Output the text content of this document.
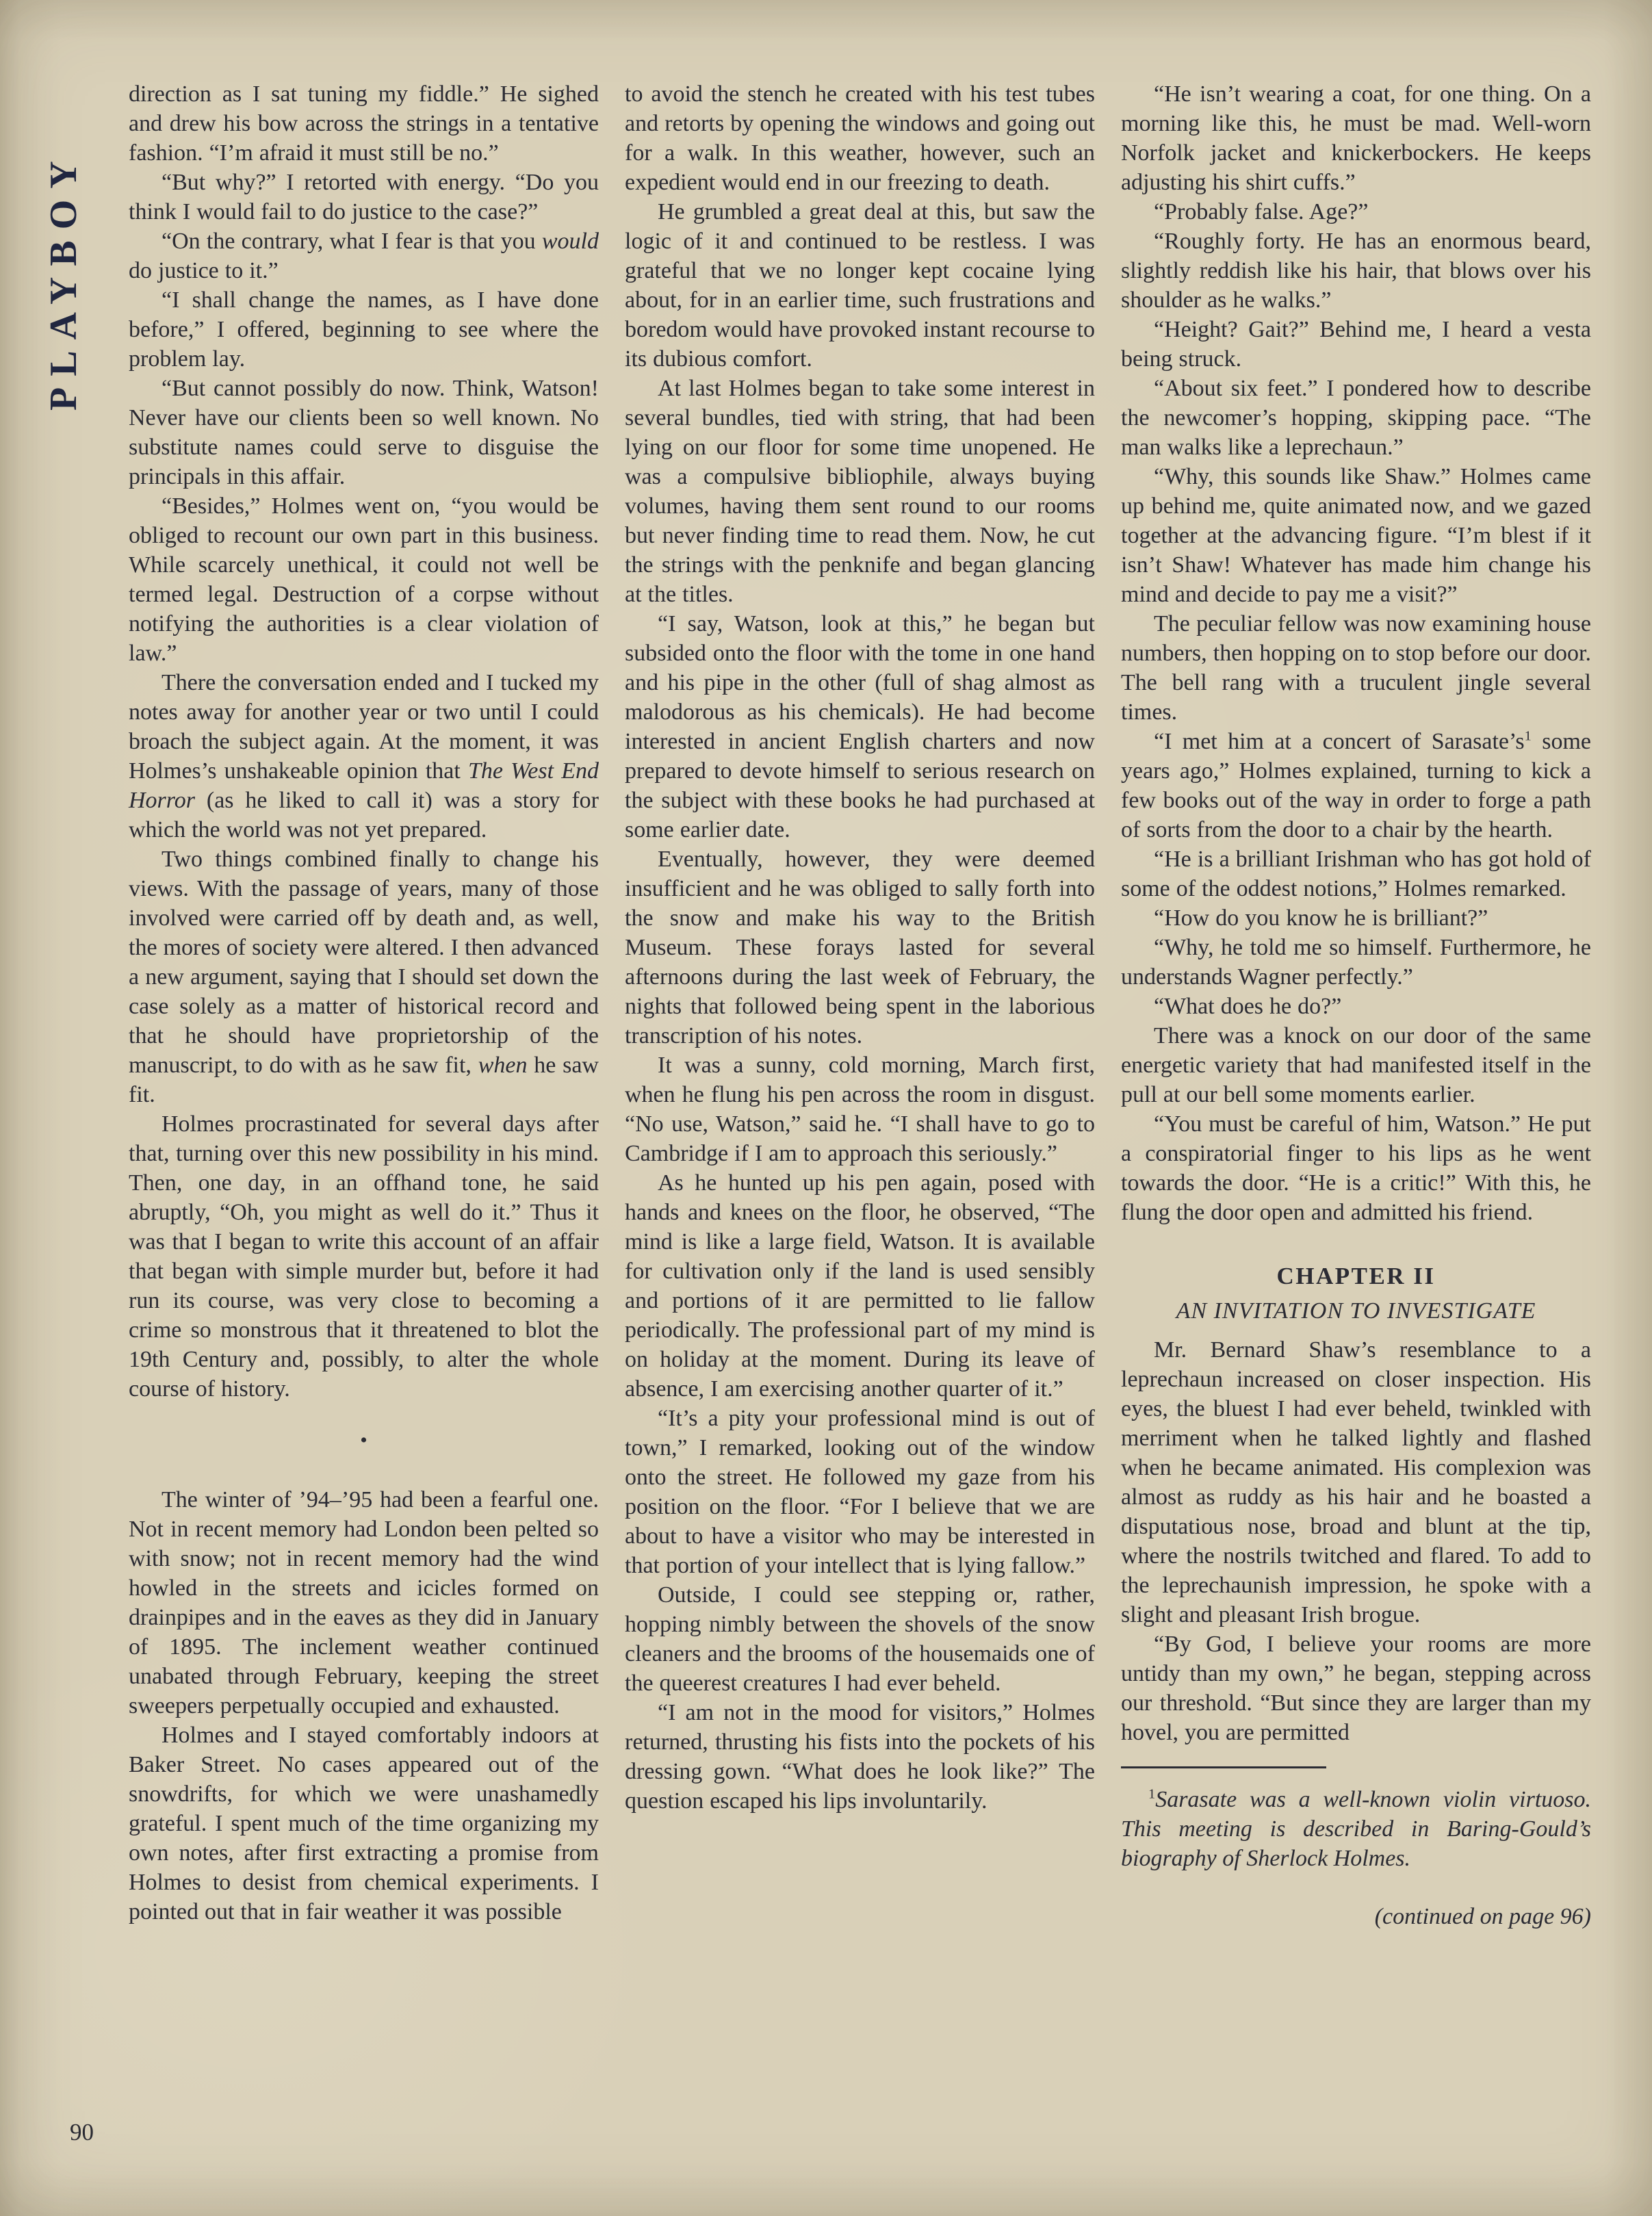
PLAYBOY
90

direction as I sat tuning my fiddle.” He sighed and drew his bow across the strings in a tentative fashion. “I’m afraid it must still be no.”

“But why?” I retorted with energy. “Do you think I would fail to do justice to the case?”

“On the contrary, what I fear is that you would do justice to it.”

“I shall change the names, as I have done before,” I offered, beginning to see where the problem lay.

“But cannot possibly do now. Think, Watson! Never have our clients been so well known. No substitute names could serve to disguise the principals in this affair.

“Besides,” Holmes went on, “you would be obliged to recount our own part in this business. While scarcely unethical, it could not well be termed legal. Destruction of a corpse without notifying the authorities is a clear violation of law.”

There the conversation ended and I tucked my notes away for another year or two until I could broach the subject again. At the moment, it was Holmes’s unshakeable opinion that The West End Horror (as he liked to call it) was a story for which the world was not yet prepared.

Two things combined finally to change his views. With the passage of years, many of those involved were carried off by death and, as well, the mores of society were altered. I then advanced a new argument, saying that I should set down the case solely as a matter of historical record and that he should have proprietorship of the manuscript, to do with as he saw fit, when he saw fit.

Holmes procrastinated for several days after that, turning over this new possibility in his mind. Then, one day, in an offhand tone, he said abruptly, “Oh, you might as well do it.” Thus it was that I began to write this account of an affair that began with simple murder but, before it had run its course, was very close to becoming a crime so monstrous that it threatened to blot the 19th Century and, possibly, to alter the whole course of history.

•

The winter of ’94–’95 had been a fearful one. Not in recent memory had London been pelted so with snow; not in recent memory had the wind howled in the streets and icicles formed on drainpipes and in the eaves as they did in January of 1895. The inclement weather continued unabated through February, keeping the street sweepers perpetually occupied and exhausted.

Holmes and I stayed comfortably indoors at Baker Street. No cases appeared out of the snowdrifts, for which we were unashamedly grateful. I spent much of the time organizing my own notes, after first extracting a promise from Holmes to desist from chemical experiments. I pointed out that in fair weather it was possible

to avoid the stench he created with his test tubes and retorts by opening the windows and going out for a walk. In this weather, however, such an expedient would end in our freezing to death.

He grumbled a great deal at this, but saw the logic of it and continued to be restless. I was grateful that we no longer kept cocaine lying about, for in an earlier time, such frustrations and boredom would have provoked instant recourse to its dubious comfort.

At last Holmes began to take some interest in several bundles, tied with string, that had been lying on our floor for some time unopened. He was a compulsive bibliophile, always buying volumes, having them sent round to our rooms but never finding time to read them. Now, he cut the strings with the penknife and began glancing at the titles.

“I say, Watson, look at this,” he began but subsided onto the floor with the tome in one hand and his pipe in the other (full of shag almost as malodorous as his chemicals). He had become interested in ancient English charters and now prepared to devote himself to serious research on the subject with these books he had purchased at some earlier date.

Eventually, however, they were deemed insufficient and he was obliged to sally forth into the snow and make his way to the British Museum. These forays lasted for several afternoons during the last week of February, the nights that followed being spent in the laborious transcription of his notes.

It was a sunny, cold morning, March first, when he flung his pen across the room in disgust. “No use, Watson,” said he. “I shall have to go to Cambridge if I am to approach this seriously.”

As he hunted up his pen again, posed with hands and knees on the floor, he observed, “The mind is like a large field, Watson. It is available for cultivation only if the land is used sensibly and portions of it are permitted to lie fallow periodically. The professional part of my mind is on holiday at the moment. During its leave of absence, I am exercising another quarter of it.”

“It’s a pity your professional mind is out of town,” I remarked, looking out of the window onto the street. He followed my gaze from his position on the floor. “For I believe that we are about to have a visitor who may be interested in that portion of your intellect that is lying fallow.”

Outside, I could see stepping or, rather, hopping nimbly between the shovels of the snow cleaners and the brooms of the housemaids one of the queerest creatures I had ever beheld.

“I am not in the mood for visitors,” Holmes returned, thrusting his fists into the pockets of his dressing gown. “What does he look like?” The question escaped his lips involuntarily.

“He isn’t wearing a coat, for one thing. On a morning like this, he must be mad. Well-worn Norfolk jacket and knickerbockers. He keeps adjusting his shirt cuffs.”

“Probably false. Age?”

“Roughly forty. He has an enormous beard, slightly reddish like his hair, that blows over his shoulder as he walks.”

“Height? Gait?” Behind me, I heard a vesta being struck.

“About six feet.” I pondered how to describe the newcomer’s hopping, skipping pace. “The man walks like a leprechaun.”

“Why, this sounds like Shaw.” Holmes came up behind me, quite animated now, and we gazed together at the advancing figure. “I’m blest if it isn’t Shaw! Whatever has made him change his mind and decide to pay me a visit?”

The peculiar fellow was now examining house numbers, then hopping on to stop before our door. The bell rang with a truculent jingle several times.

“I met him at a concert of Sarasate’s$^1$ some years ago,” Holmes explained, turning to kick a few books out of the way in order to forge a path of sorts from the door to a chair by the hearth.

“He is a brilliant Irishman who has got hold of some of the oddest notions,” Holmes remarked.

“How do you know he is brilliant?”

“Why, he told me so himself. Furthermore, he understands Wagner perfectly.”

“What does he do?”

There was a knock on our door of the same energetic variety that had manifested itself in the pull at our bell some moments earlier.

“You must be careful of him, Watson.” He put a conspiratorial finger to his lips as he went towards the door. “He is a critic!” With this, he flung the door open and admitted his friend.

CHAPTER II
AN INVITATION TO INVESTIGATE

Mr. Bernard Shaw’s resemblance to a leprechaun increased on closer inspection. His eyes, the bluest I had ever beheld, twinkled with merriment when he talked lightly and flashed when he became animated. His complexion was almost as ruddy as his hair and he boasted a disputatious nose, broad and blunt at the tip, where the nostrils twitched and flared. To add to the leprechaunish impression, he spoke with a slight and pleasant Irish brogue.

“By God, I believe your rooms are more untidy than my own,” he began, stepping across our threshold. “But since they are larger than my hovel, you are permitted

$^1$Sarasate was a well-known violin virtuoso. This meeting is described in Baring-Gould’s biography of Sherlock Holmes.

(continued on page 96)
